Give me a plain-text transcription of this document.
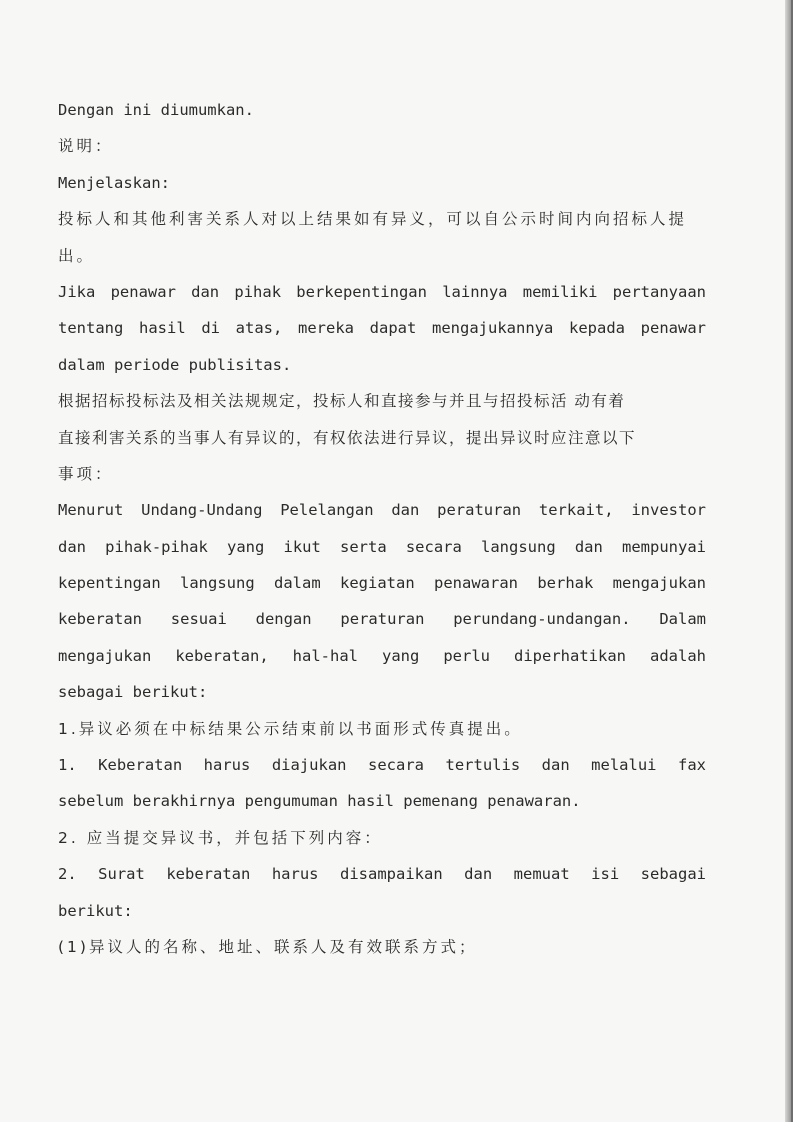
Dengan ini diumumkan.
说明：
Menjelaskan:
投标人和其他利害关系人对以上结果如有异义，可以自公示时间内向招标人提
出。
Jika penawar dan pihak berkepentingan lainnya memiliki pertanyaan
tentang hasil di atas, mereka dapat mengajukannya kepada penawar
dalam periode publisitas.
根据招标投标法及相关法规规定，投标人和直接参与并且与招投标活 动有着
直接利害关系的当事人有异议的，有权依法进行异议，提出异议时应注意以下
事项：
Menurut Undang-Undang Pelelangan dan peraturan terkait, investor
dan pihak-pihak yang ikut serta secara langsung dan mempunyai
kepentingan langsung dalam kegiatan penawaran berhak mengajukan
keberatan sesuai dengan peraturan perundang-undangan. Dalam
mengajukan keberatan, hal-hal yang perlu diperhatikan adalah
sebagai berikut:
1.异议必须在中标结果公示结束前以书面形式传真提出。
1. Keberatan harus diajukan secara tertulis dan melalui fax
sebelum berakhirnya pengumuman hasil pemenang penawaran.
2. 应当提交异议书，并包括下列内容：
2. Surat keberatan harus disampaikan dan memuat isi sebagai
berikut:
(1)异议人的名称、地址、联系人及有效联系方式；
